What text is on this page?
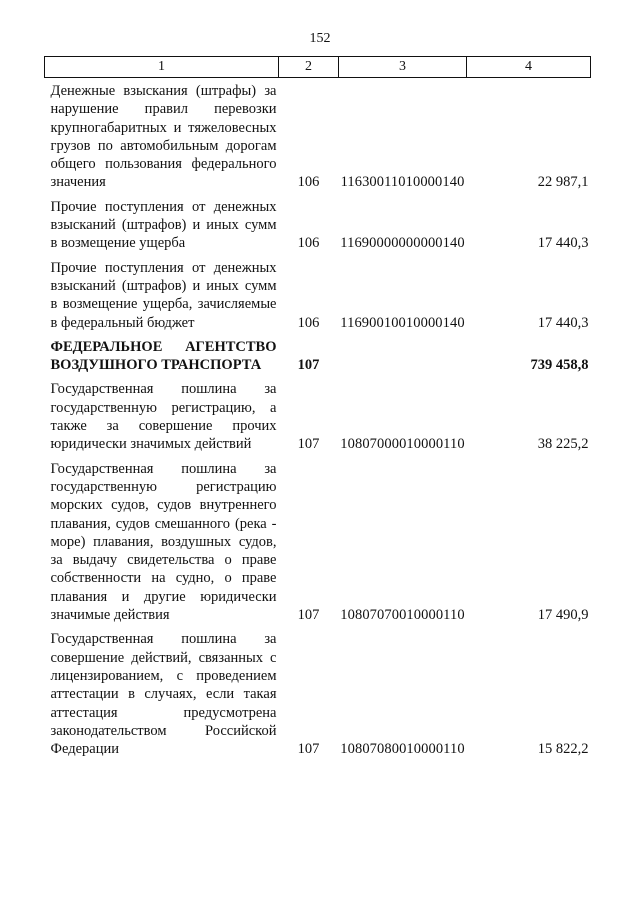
152
1	2	3	4
Денежные взыскания (штрафы) за нарушение правил перевозки крупногабаритных и тяжеловесных грузов по автомобильным дорогам общего пользования федерального значения	106	11630011010000140	22 987,1
Прочие поступления от денежных взысканий (штрафов) и иных сумм в возмещение ущерба	106	11690000000000140	17 440,3
Прочие поступления от денежных взысканий (штрафов) и иных сумм в возмещение ущерба, зачисляемые в федеральный бюджет	106	11690010010000140	17 440,3
ФЕДЕРАЛЬНОЕ АГЕНТСТВО ВОЗДУШНОГО ТРАНСПОРТА	107		739 458,8
Государственная пошлина за государственную регистрацию, а также за совершение прочих юридически значимых действий	107	10807000010000110	38 225,2
Государственная пошлина за государственную регистрацию морских судов, судов внутреннего плавания, судов смешанного (река - море) плавания, воздушных судов, за выдачу свидетельства о праве собственности на судно, о праве плавания и другие юридически значимые действия	107	10807070010000110	17 490,9
Государственная пошлина за совершение действий, связанных с лицензированием, с проведением аттестации в случаях, если такая аттестация предусмотрена законодательством Российской Федерации	107	10807080010000110	15 822,2
